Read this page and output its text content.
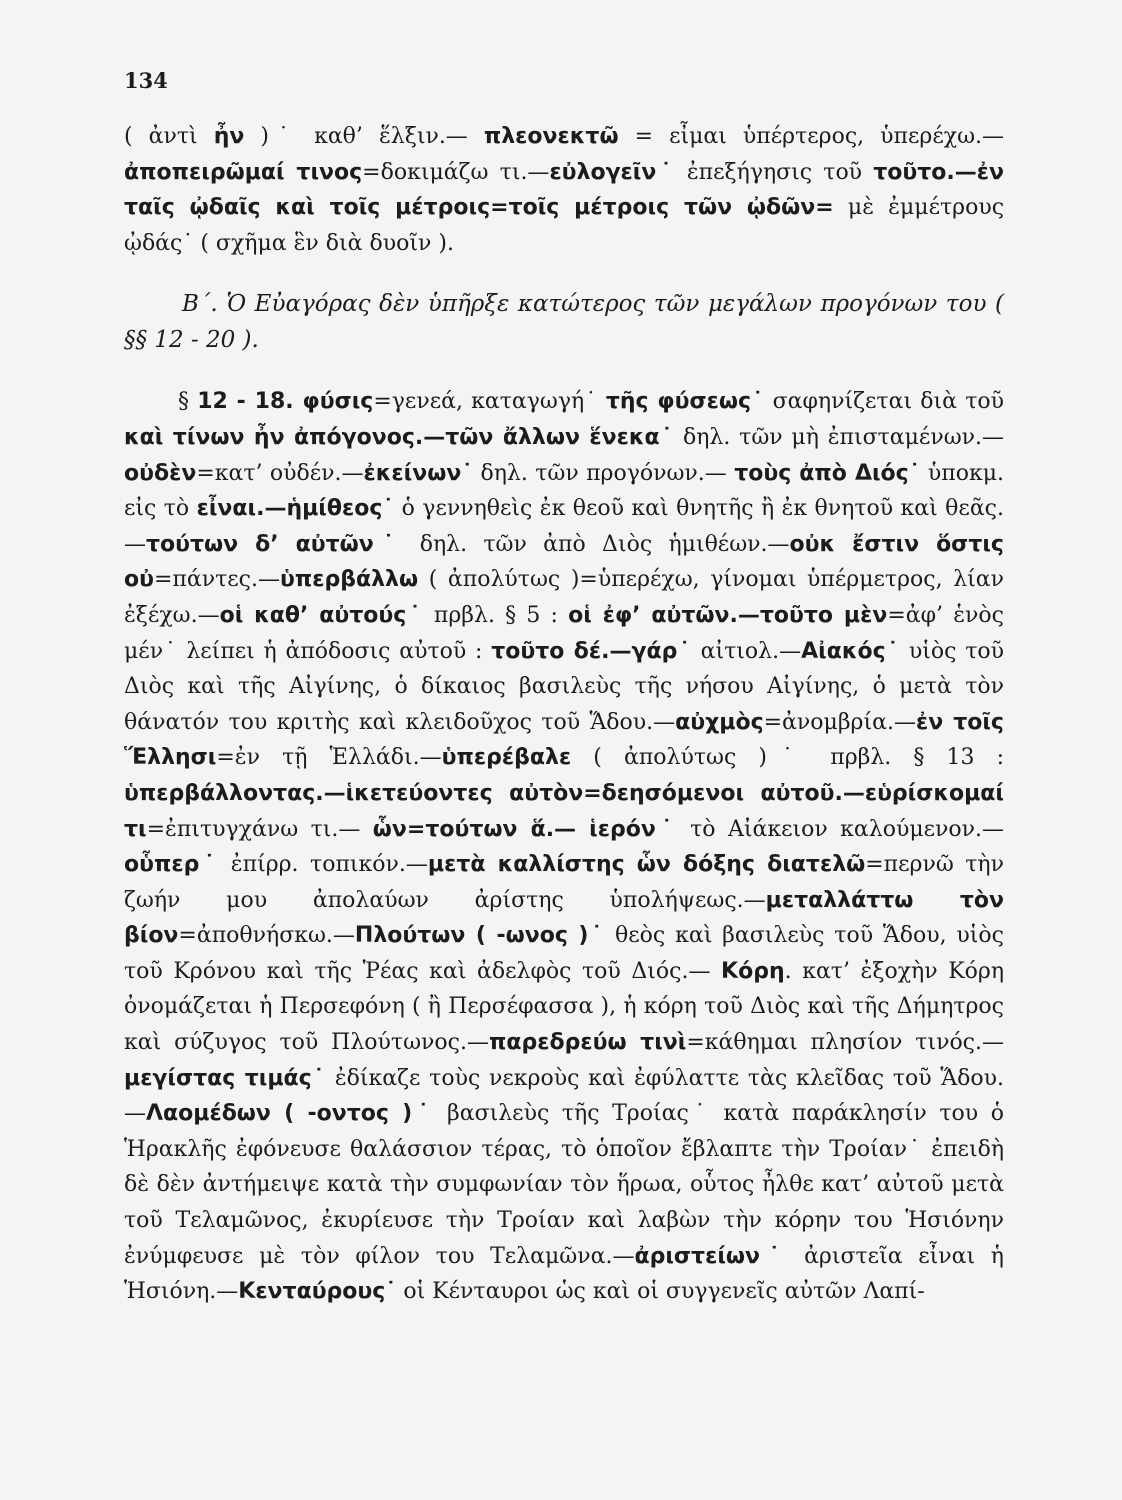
134

( ἀντὶ ἦν )˙ καθ’ ἕλξιν.— πλεονεκτῶ = εἶμαι ὑπέρτερος, ὑπερέχω.— ἀποπειρῶμαί τινος=δοκιμάζω τι.—εὐλογεῖν˙ ἐπεξήγησις τοῦ τοῦτο.—ἐν ταῖς ᾠδαῖς καὶ τοῖς μέτροις=τοῖς μέτροις τῶν ᾠδῶν= μὲ ἐμμέτρους ᾠδάς˙ ( σχῆμα ἓν διὰ δυοῖν ).

Β΄. Ὁ Εὐαγόρας δὲν ὑπῆρξε κατώτερος τῶν μεγάλων προγόνων του ( §§ 12 - 20 ).

§ 12 - 18. φύσις=γενεά, καταγωγή˙ τῆς φύσεως˙ σαφηνίζεται διὰ τοῦ καὶ τίνων ἦν ἀπόγονος.—τῶν ἄλλων ἕνεκα˙ δηλ. τῶν μὴ ἐπισταμένων.—οὐδὲν=κατ’ οὐδέν.—ἐκείνων˙ δηλ. τῶν προγόνων.— τοὺς ἀπὸ Διός˙ ὑποκμ. εἰς τὸ εἶναι.—ἡμίθεος˙ ὁ γεννηθεὶς ἐκ θεοῦ καὶ θνητῆς ἢ ἐκ θνητοῦ καὶ θεᾶς.—τούτων δ’ αὐτῶν˙ δηλ. τῶν ἀπὸ Διὸς ἡμιθέων.—οὐκ ἔστιν ὅστις οὐ=πάντες.—ὑπερβάλλω ( ἀπολύτως )=ὑπερέχω, γίνομαι ὑπέρμετρος, λίαν ἐξέχω.—οἱ καθ’ αὐτούς˙ πρβλ. § 5 : οἱ ἐφ’ αὐτῶν.—τοῦτο μὲν=ἀφ’ ἑνὸς μέν˙ λείπει ἡ ἀπόδοσις αὐτοῦ : τοῦτο δέ.—γάρ˙ αἰτιολ.—Αἰακός˙ υἱὸς τοῦ Διὸς καὶ τῆς Αἰγίνης, ὁ δίκαιος βασιλεὺς τῆς νήσου Αἰγίνης, ὁ μετὰ τὸν θάνατόν του κριτὴς καὶ κλειδοῦχος τοῦ Ἅδου.—αὐχμὸς=ἀνομβρία.—ἐν τοῖς Ἕλλησι=ἐν τῇ Ἑλλάδι.—ὑπερέβαλε ( ἀπολύτως )˙ πρβλ. § 13 : ὑπερβάλλοντας.—ἱκετεύοντες αὐτὸν=δεησόμενοι αὐτοῦ.—εὑρίσκομαί τι=ἐπιτυγχάνω τι.— ὧν=τούτων ἅ.— ἱερόν˙ τὸ Αἰάκειον καλούμενον.—οὗπερ˙ ἐπίρρ. τοπικόν.—μετὰ καλλίστης ὧν δόξης διατελῶ=περνῶ τὴν ζωήν μου ἀπολαύων ἀρίστης ὑπολήψεως.—μεταλλάττω τὸν βίον=ἀποθνήσκω.—Πλούτων ( -ωνος )˙ θεὸς καὶ βασιλεὺς τοῦ Ἅδου, υἱὸς τοῦ Κρόνου καὶ τῆς Ῥέας καὶ ἀδελφὸς τοῦ Διός.— Κόρη. κατ’ ἐξοχὴν Κόρη ὀνομάζεται ἡ Περσεφόνη ( ἢ Περσέφασσα ), ἡ κόρη τοῦ Διὸς καὶ τῆς Δήμητρος καὶ σύζυγος τοῦ Πλούτωνος.—παρεδρεύω τινὶ=κάθημαι πλησίον τινός.—μεγίστας τιμάς˙ ἐδίκαζε τοὺς νεκροὺς καὶ ἐφύλαττε τὰς κλεῖδας τοῦ Ἅδου.—Λαομέδων ( -οντος )˙ βασιλεὺς τῆς Τροίας˙ κατὰ παράκλησίν του ὁ Ἡρακλῆς ἐφόνευσε θαλάσσιον τέρας, τὸ ὁποῖον ἔβλαπτε τὴν Τροίαν˙ ἐπειδὴ δὲ δὲν ἀντήμειψε κατὰ τὴν συμφωνίαν τὸν ἥρωα, οὗτος ἦλθε κατ’ αὐτοῦ μετὰ τοῦ Τελαμῶνος, ἐκυρίευσε τὴν Τροίαν καὶ λαβὼν τὴν κόρην του Ἡσιόνην ἐνύμφευσε μὲ τὸν φίλον του Τελαμῶνα.—ἀριστείων˙ ἀριστεῖα εἶναι ἡ Ἡσιόνη.—Κενταύρους˙ οἱ Κένταυροι ὡς καὶ οἱ συγγενεῖς αὐτῶν Λαπί-
